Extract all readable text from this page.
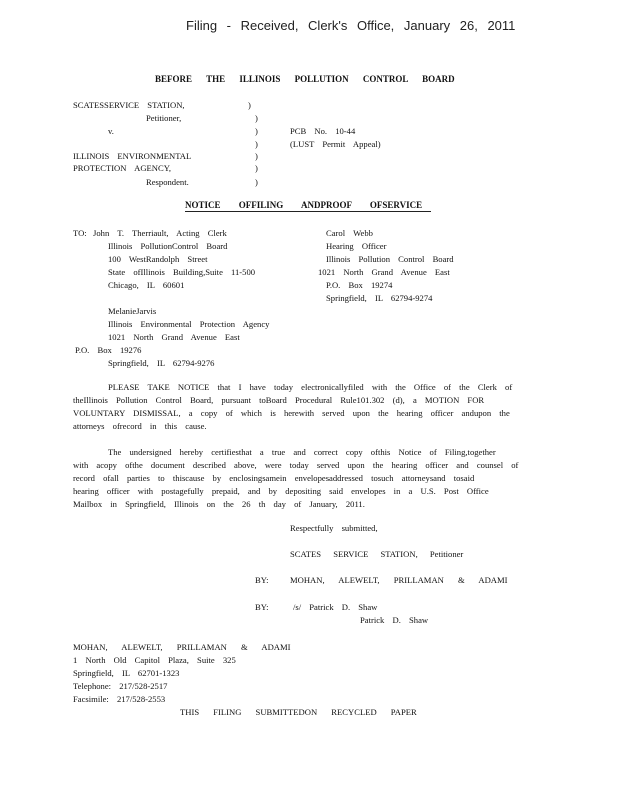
Filing - Received, Clerk's Office, January 26, 2011
BEFORE THE ILLINOIS POLLUTION CONTROL BOARD
SCATESSERVICE STATION,
Petitioner,
v.
ILLINOIS ENVIRONMENTAL
PROTECTION AGENCY,
Respondent.
)
)
)
)
)
)
)
PCB No. 10-44
(LUST Permit Appeal)
NOTICE OFFILING ANDPROOF OFSERVICE
TO: John T. Therriault, Acting Clerk
Illinois PollutionControl Board
100 WestRandolph Street
State ofIllinois Building,Suite 11-500
Chicago, IL 60601
Carol Webb
Hearing Officer
Illinois Pollution Control Board
1021 North Grand Avenue East
P.O. Box 19274
Springfield, IL 62794-9274
MelanieJarvis
Illinois Environmental Protection Agency
1021 North Grand Avenue East
P.O. Box 19276
Springfield, IL 62794-9276
PLEASE TAKE NOTICE that I have today electronicallyfiled with the Office of the Clerk of
theIllinois Pollution Control Board, pursuant toBoard Procedural Rule101.302 (d), a MOTION FOR
VOLUNTARY DISMISSAL, a copy of which is herewith served upon the hearing officer andupon the
attorneys ofrecord in this cause.
The undersigned hereby certifiesthat a true and correct copy ofthis Notice of Filing,together
with acopy ofthe document described above, were today served upon the hearing officer and counsel of
record ofall parties to thiscause by enclosingsamein envelopesaddressed tosuch attorneysand tosaid
hearing officer with postagefully prepaid, and by depositing said envelopes in a U.S. Post Office
Mailbox in Springfield, Illinois on the 26 th day of January, 2011.
Respectfully submitted,
SCATES SERVICE STATION, Petitioner
BY: MOHAN, ALEWELT, PRILLAMAN & ADAMI
BY:	/s/ Patrick D. Shaw
Patrick D. Shaw
MOHAN, ALEWELT, PRILLAMAN & ADAMI
1 North Old Capitol Plaza, Suite 325
Springfield, IL 62701-1323
Telephone: 217/528-2517
Facsimile: 217/528-2553
THIS FILING SUBMITTEDON RECYCLED PAPER
